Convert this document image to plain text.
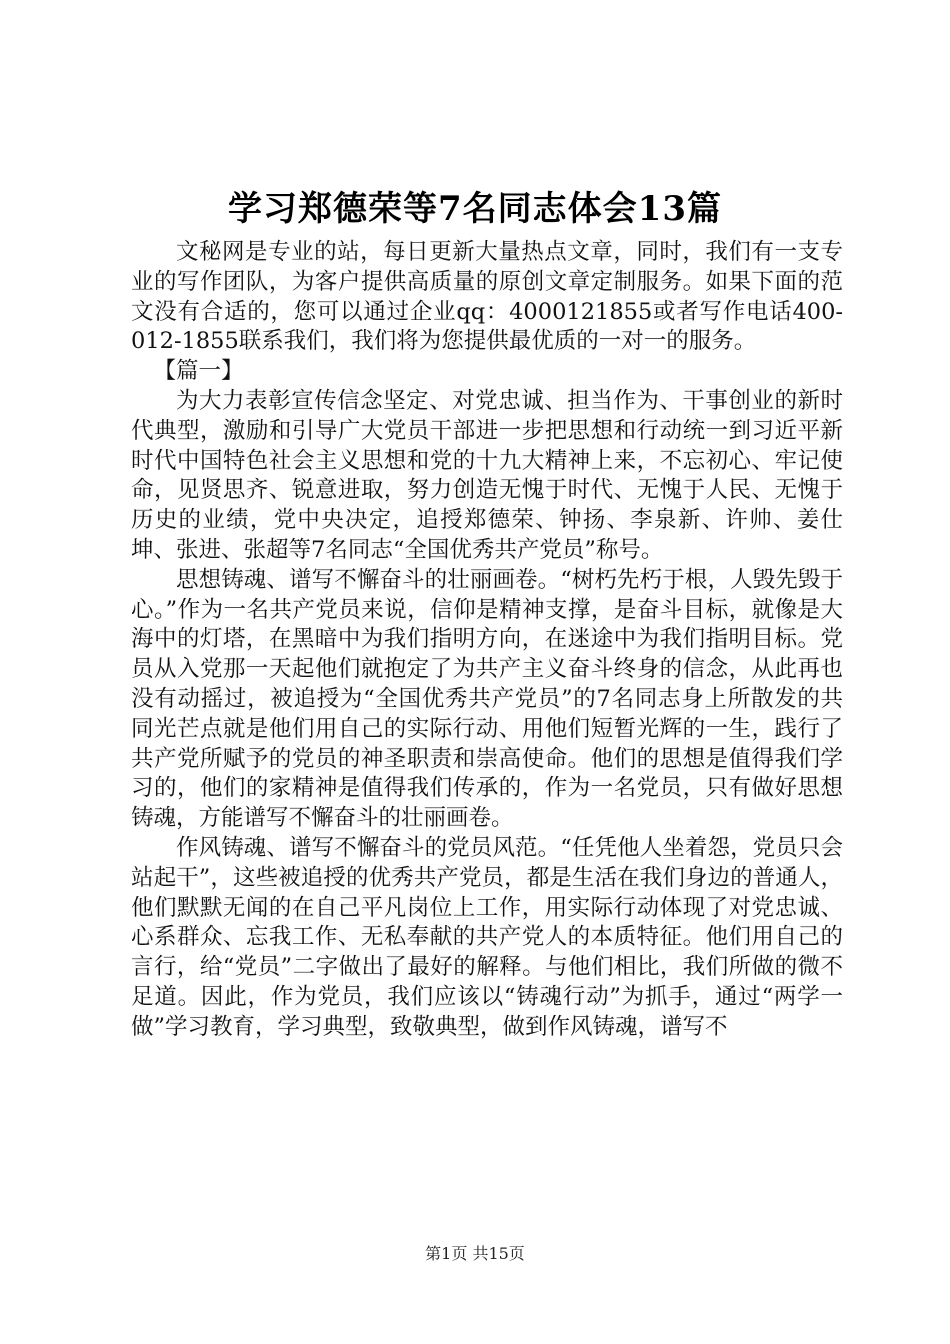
学习郑德荣等7名同志体会13篇

文秘网是专业的站，每日更新大量热点文章，同时，我们有一支专业的写作团队，为客户提供高质量的原创文章定制服务。如果下面的范文没有合适的，您可以通过企业qq：4000121855或者写作电话400-012-1855联系我们，我们将为您提供最优质的一对一的服务。

【篇一】

为大力表彰宣传信念坚定、对党忠诚、担当作为、干事创业的新时代典型，激励和引导广大党员干部进一步把思想和行动统一到习近平新时代中国特色社会主义思想和党的十九大精神上来，不忘初心、牢记使命，见贤思齐、锐意进取，努力创造无愧于时代、无愧于人民、无愧于历史的业绩，党中央决定，追授郑德荣、钟扬、李泉新、许帅、姜仕坤、张进、张超等7名同志“全国优秀共产党员”称号。

思想铸魂、谱写不懈奋斗的壮丽画卷。“树朽先朽于根，人毁先毁于心。”作为一名共产党员来说，信仰是精神支撑，是奋斗目标，就像是大海中的灯塔，在黑暗中为我们指明方向，在迷途中为我们指明目标。党员从入党那一天起他们就抱定了为共产主义奋斗终身的信念，从此再也没有动摇过，被追授为“全国优秀共产党员”的7名同志身上所散发的共同光芒点就是他们用自己的实际行动、用他们短暂光辉的一生，践行了共产党所赋予的党员的神圣职责和崇高使命。他们的思想是值得我们学习的，他们的家精神是值得我们传承的，作为一名党员，只有做好思想铸魂，方能谱写不懈奋斗的壮丽画卷。

作风铸魂、谱写不懈奋斗的党员风范。“任凭他人坐着怨，党员只会站起干”，这些被追授的优秀共产党员，都是生活在我们身边的普通人，他们默默无闻的在自己平凡岗位上工作，用实际行动体现了对党忠诚、心系群众、忘我工作、无私奉献的共产党人的本质特征。他们用自己的言行，给“党员”二字做出了最好的解释。与他们相比，我们所做的微不足道。因此，作为党员，我们应该以“铸魂行动”为抓手，通过“两学一做”学习教育，学习典型，致敬典型，做到作风铸魂，谱写不

第1页 共15页
